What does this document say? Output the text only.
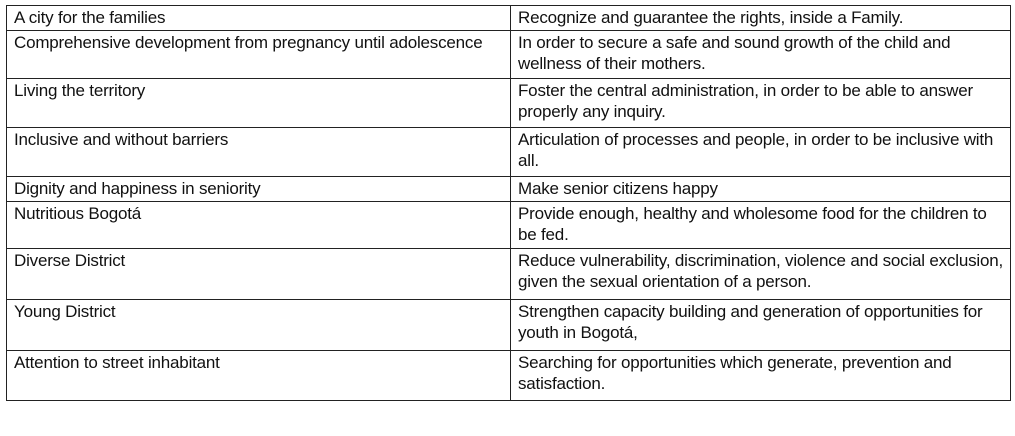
A city for the families	Recognize and guarantee the rights, inside a Family.
Comprehensive development from pregnancy until adolescence	In order to secure a safe and sound growth of the child and wellness of their mothers.
Living the territory	Foster the central administration, in order to be able to answer properly any inquiry.
Inclusive and without barriers	Articulation of processes and people, in order to be inclusive with all.
Dignity and happiness in seniority	Make senior citizens happy
Nutritious Bogotá	Provide enough, healthy and wholesome food for the children to be fed.
Diverse District	Reduce vulnerability, discrimination, violence and social exclusion, given the sexual orientation of a person.
Young District	Strengthen capacity building and generation of opportunities for youth in Bogotá,
Attention to street inhabitant	Searching for opportunities which generate, prevention and satisfaction.
